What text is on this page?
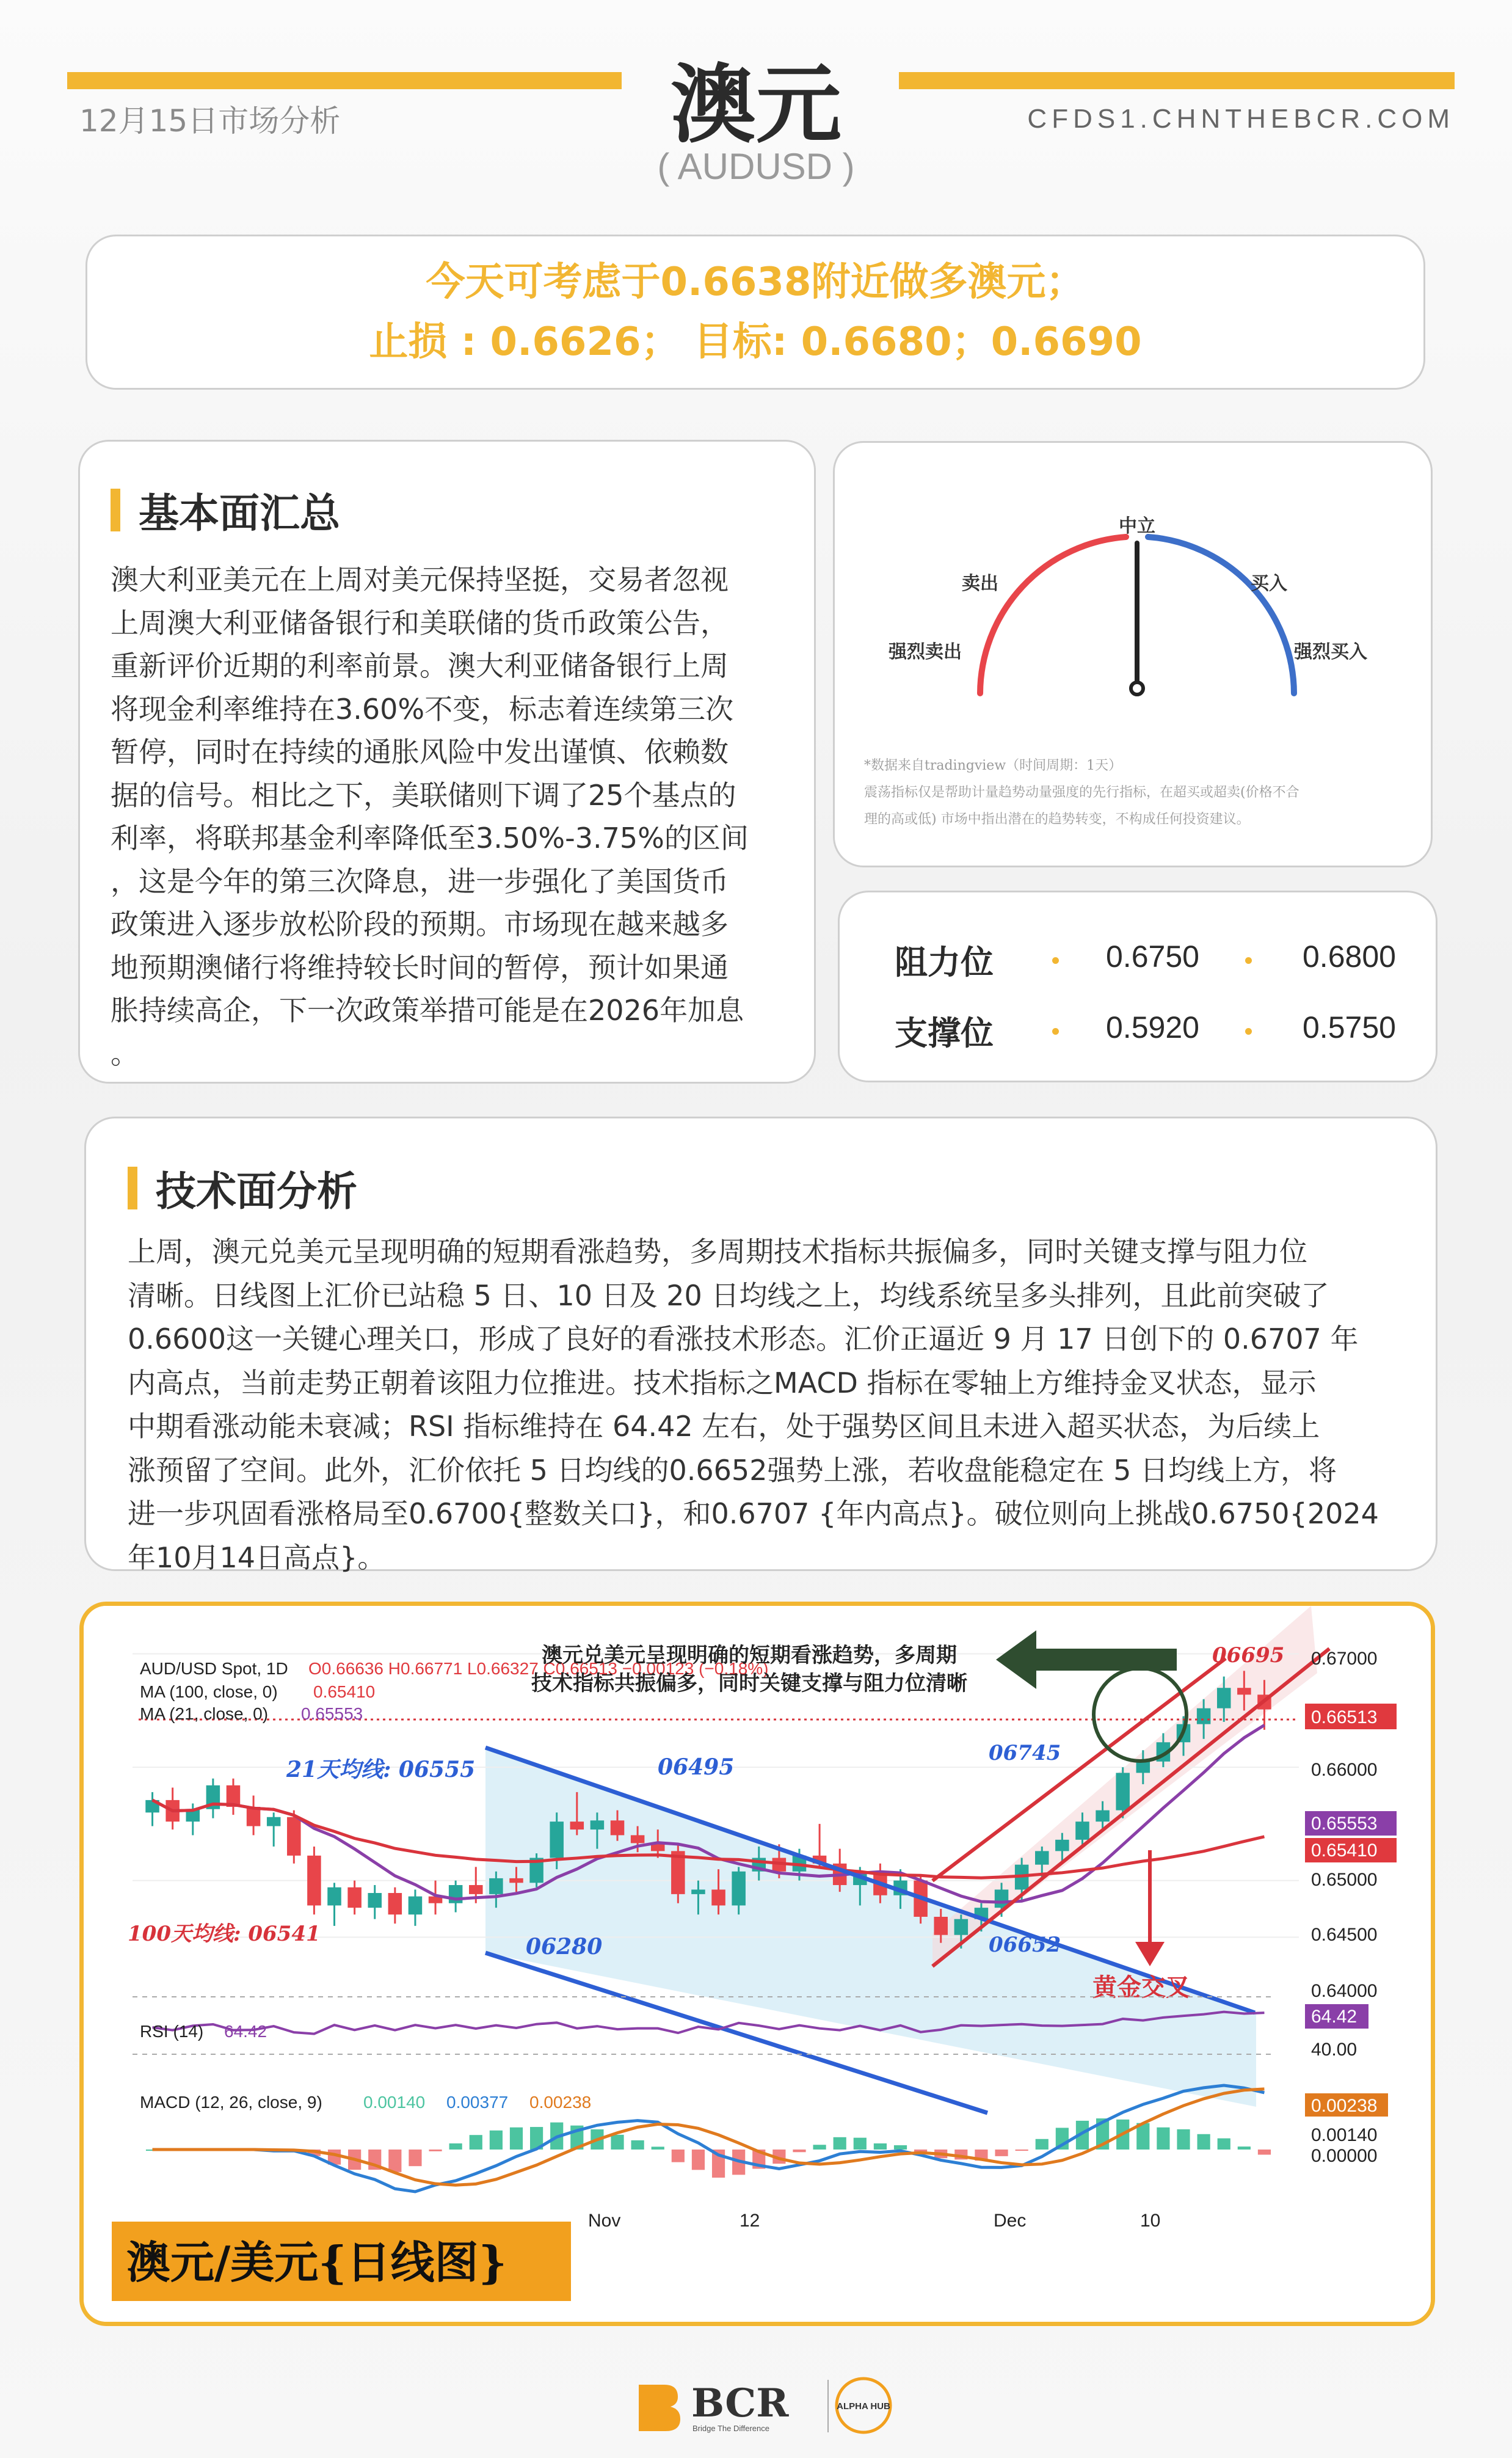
12月15日市场分析	CFDS1.CHNTHEBCR.COM
澳元
( AUDUSD )
今天可考虑于0.6638附近做多澳元；
止损 : 0.6626； 目标: 0.6680；0.6690
基本面汇总
澳大利亚美元在上周对美元保持坚挺，交易者忽视
上周澳大利亚储备银行和美联储的货币政策公告，
重新评价近期的利率前景。澳大利亚储备银行上周
将现金利率维持在3.60%不变，标志着连续第三次
暂停，同时在持续的通胀风险中发出谨慎、依赖数
据的信号。相比之下，美联储则下调了25个基点的
利率，将联邦基金利率降低至3.50%-3.75%的区间
，这是今年的第三次降息，进一步强化了美国货币
政策进入逐步放松阶段的预期。市场现在越来越多
地预期澳储行将维持较长时间的暂停，预计如果通
胀持续高企，下一次政策举措可能是在2026年加息
。
中立
卖出	买入
强烈卖出	强烈买入
*数据来自tradingview（时间周期：1天）
震荡指标仅是帮助计量趋势动量强度的先行指标，在超买或超卖(价格不合
理的高或低) 市场中指出潜在的趋势转变，不构成任何投资建议。
阻力位	0.6750	0.6800
支撑位	0.5920	0.5750
技术面分析
上周，澳元兑美元呈现明确的短期看涨趋势，多周期技术指标共振偏多，同时关键支撑与阻力位
清晰。日线图上汇价已站稳 5 日、10 日及 20 日均线之上，均线系统呈多头排列，且此前突破了
0.6600这一关键心理关口，形成了良好的看涨技术形态。汇价正逼近 9 月 17 日创下的 0.6707 年
内高点，当前走势正朝着该阻力位推进。技术指标之MACD 指标在零轴上方维持金叉状态，显示
中期看涨动能未衰减；RSI 指标维持在 64.42 左右，处于强势区间且未进入超买状态，为后续上
涨预留了空间。此外，汇价依托 5 日均线的0.6652强势上涨，若收盘能稳定在 5 日均线上方，将
进一步巩固看涨格局至0.6700{整数关口}，和0.6707 {年内高点}。破位则向上挑战0.6750{2024
年10月14日高点}。
AUD/USD Spot, 1D O0.66636 H0.66771 L0.66327 C0.66513 −0.00123 (−0.18%)
MA (100, close, 0) 0.65410
MA (21, close, 0) 0.65553
澳元兑美元呈现明确的短期看涨趋势，多周期
技术指标共振偏多，同时关键支撑与阻力位清晰
21天均线: 06555
100天均线: 06541
06495
06280
06745
06652
06695
黄金交叉
0.67000
0.66000
0.65000
0.64500
0.64000
0.66513
0.65553
0.65410
RSI (14) 64.42
64.42
40.00
MACD (12, 26, close, 9) 0.00140 0.00377 0.00238	0.00238
0.00140
0.00000
Nov	12	Dec	10
澳元/美元{日线图}
BCR
Bridge The Difference
ALPHA HUB
